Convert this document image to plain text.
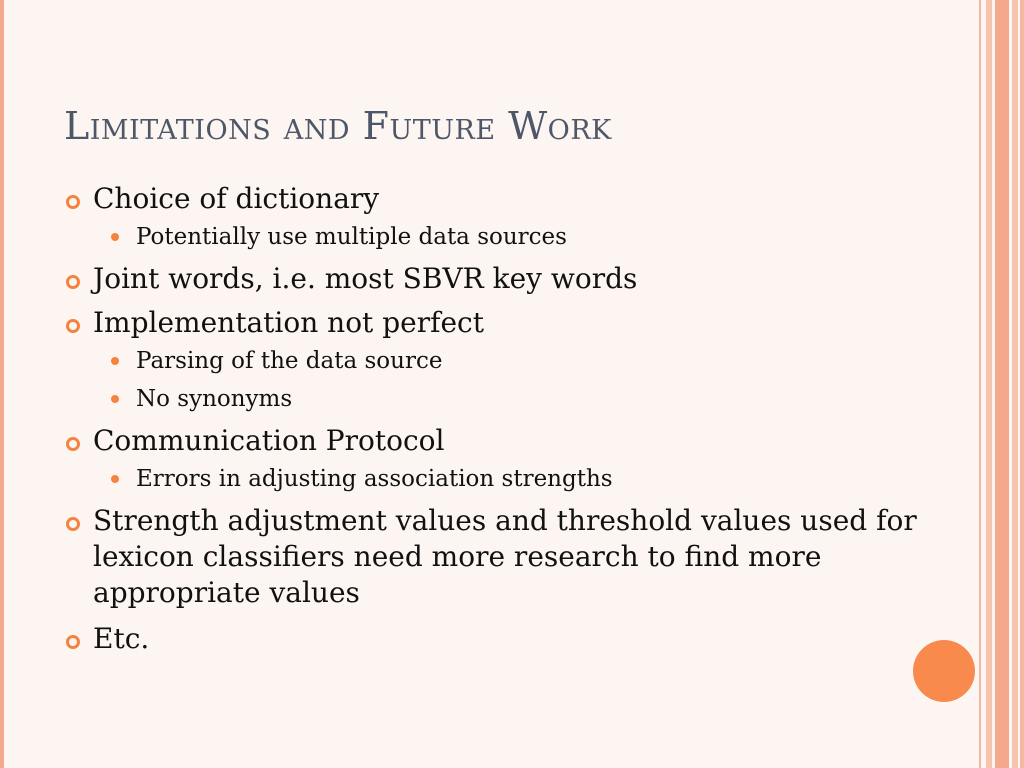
Limitations and Future Work

Choice of dictionary

Potentially use multiple data sources

Joint words, i.e. most SBVR key words

Implementation not perfect

Parsing of the data source

No synonyms

Communication Protocol

Errors in adjusting association strengths

Strength adjustment values and threshold values used for lexicon classifiers need more research to find more appropriate values

Etc.
